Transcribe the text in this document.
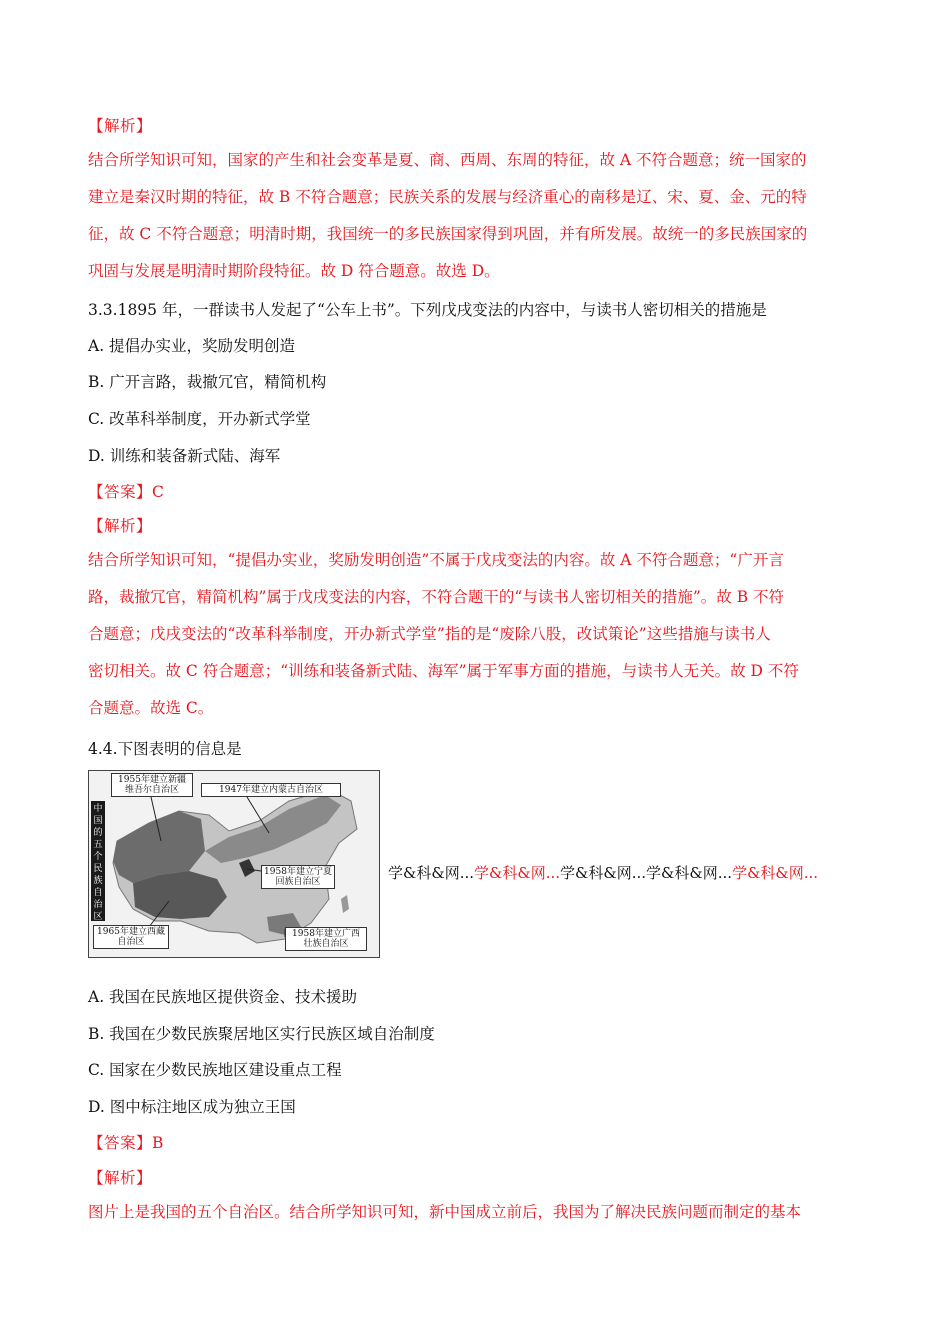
【解析】
结合所学知识可知，国家的产生和社会变革是夏、商、西周、东周的特征，故 A 不符合题意；统一国家的
建立是秦汉时期的特征，故 B 不符合题意；民族关系的发展与经济重心的南移是辽、宋、夏、金、元的特
征，故 C 不符合题意；明清时期，我国统一的多民族国家得到巩固，并有所发展。故统一的多民族国家的
巩固与发展是明清时期阶段特征。故 D 符合题意。故选 D。
3.3.1895 年，一群读书人发起了“公车上书”。下列戊戌变法的内容中，与读书人密切相关的措施是
A. 提倡办实业，奖励发明创造
B. 广开言路，裁撤冗官，精简机构
C. 改革科举制度，开办新式学堂
D. 训练和装备新式陆、海军
【答案】C
【解析】
结合所学知识可知，“提倡办实业，奖励发明创造”不属于戊戌变法的内容。故 A 不符合题意；“广开言
路，裁撤冗官，精简机构”属于戊戌变法的内容，不符合题干的“与读书人密切相关的措施”。故 B 不符
合题意；戊戌变法的“改革科举制度，开办新式学堂”指的是“废除八股，改试策论”这些措施与读书人
密切相关。故 C 符合题意；“训练和装备新式陆、海军”属于军事方面的措施，与读书人无关。故 D 不符
合题意。故选 C。
4.4.下图表明的信息是
中国的五个民族自治区
1955年建立新疆维吾尔自治区	1947年建立内蒙古自治区
1958年建立宁夏回族自治区
1965年建立西藏自治区
1958年建立广西壮族自治区
学&科&网...学&科&网...学&科&网...学&科&网...学&科&网...
A. 我国在民族地区提供资金、技术援助
B. 我国在少数民族聚居地区实行民族区域自治制度
C. 国家在少数民族地区建设重点工程
D. 图中标注地区成为独立王国
【答案】B
【解析】
图片上是我国的五个自治区。结合所学知识可知，新中国成立前后，我国为了解决民族问题而制定的基本
